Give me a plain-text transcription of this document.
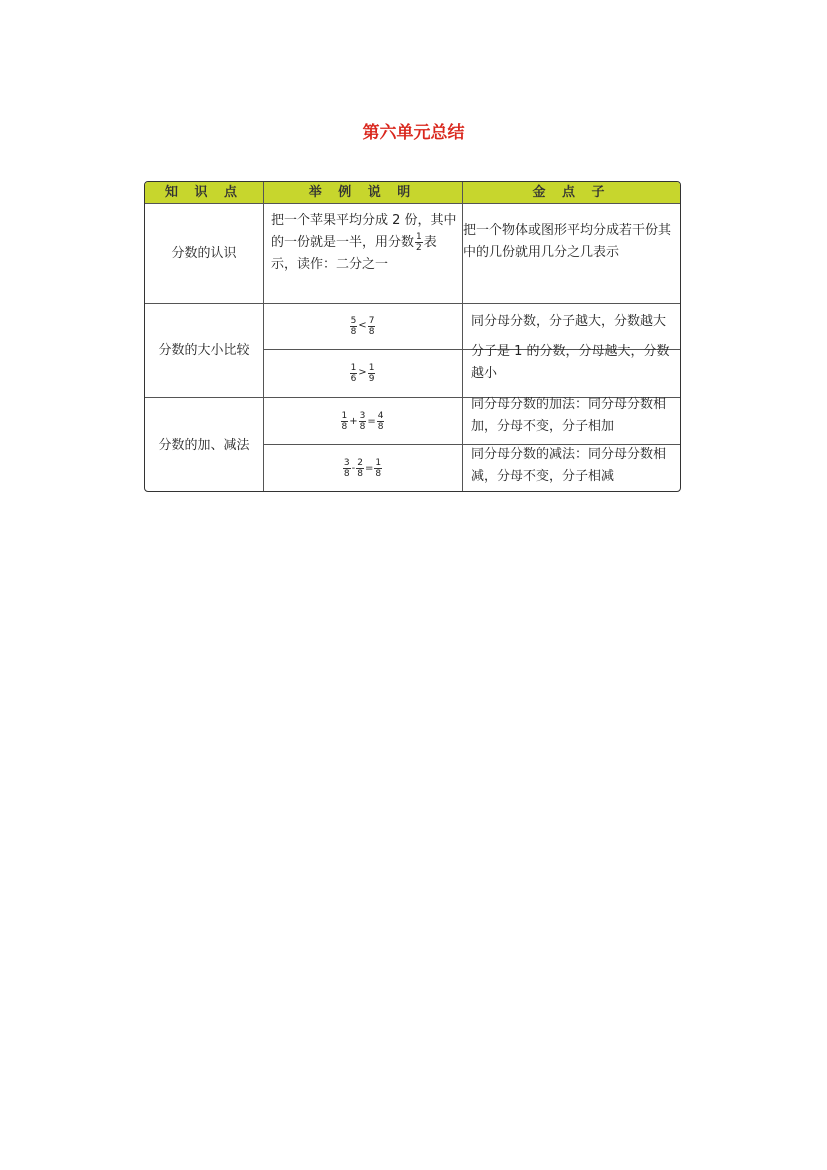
第六单元总结
知 识 点	举 例 说 明	金 点 子
分数的认识
把一个苹果平均分成 2 份，其中的一份就是一半，用分数 $\frac{1}{2}$ 表示，读作：二分之一
把一个物体或图形平均分成若干份其中的几份就用几分之几表示
分数的大小比较
$\frac{5}{8} < \frac{7}{8}$
$\frac{1}{6} > \frac{1}{9}$
同分母分数，分子越大，分数越大
分子是 1 的分数，分母越大，分数越小
分数的加、减法
$\frac{1}{8} + \frac{3}{8} = \frac{4}{8}$
$\frac{3}{8} - \frac{2}{8} = \frac{1}{8}$
同分母分数的加法：同分母分数相加，分母不变，分子相加
同分母分数的减法：同分母分数相减，分母不变，分子相减
